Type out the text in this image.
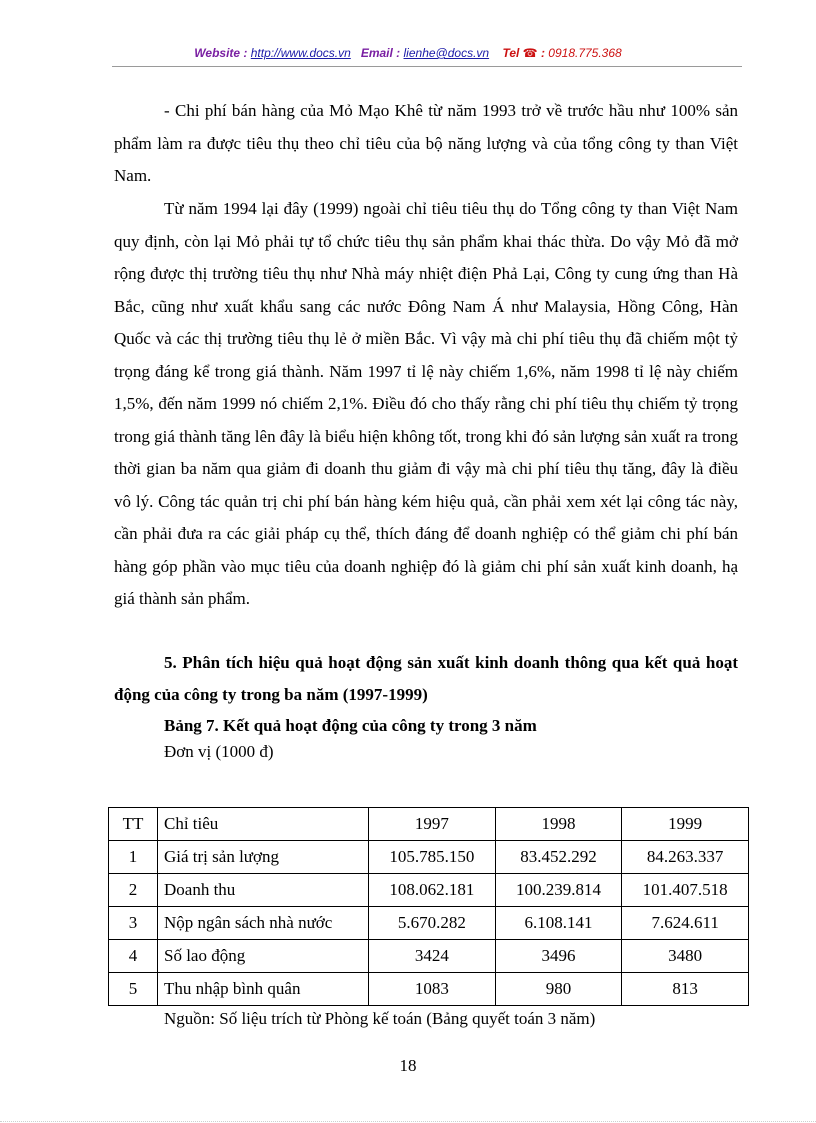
Website : http://www.docs.vn Email : lienhe@docs.vn Tel ☎ : 0918.775.368

- Chi phí bán hàng của Mỏ Mạo Khê từ năm 1993 trở về trước hầu như 100% sản phẩm làm ra được tiêu thụ theo chỉ tiêu của bộ năng lượng và của tổng công ty than Việt Nam.

Từ năm 1994 lại đây (1999) ngoài chỉ tiêu tiêu thụ do Tổng công ty than Việt Nam quy định, còn lại Mỏ phải tự tổ chức tiêu thụ sản phẩm khai thác thừa. Do vậy Mỏ đã mở rộng được thị trường tiêu thụ như Nhà máy nhiệt điện Phả Lại, Công ty cung ứng than Hà Bắc, cũng như xuất khẩu sang các nước Đông Nam Á như Malaysia, Hồng Công, Hàn Quốc và các thị trường tiêu thụ lẻ ở miền Bắc. Vì vậy mà chi phí tiêu thụ đã chiếm một tỷ trọng đáng kể trong giá thành. Năm 1997 tỉ lệ này chiếm 1,6%, năm 1998 tỉ lệ này chiếm 1,5%, đến năm 1999 nó chiếm 2,1%. Điều đó cho thấy rằng chi phí tiêu thụ chiếm tỷ trọng trong giá thành tăng lên đây là biểu hiện không tốt, trong khi đó sản lượng sản xuất ra trong thời gian ba năm qua giảm đi doanh thu giảm đi vậy mà chi phí tiêu thụ tăng, đây là điều vô lý. Công tác quản trị chi phí bán hàng kém hiệu quả, cần phải xem xét lại công tác này, cần phải đưa ra các giải pháp cụ thể, thích đáng để doanh nghiệp có thể giảm chi phí bán hàng góp phần vào mục tiêu của doanh nghiệp đó là giảm chi phí sản xuất kinh doanh, hạ giá thành sản phẩm.

5. Phân tích hiệu quả hoạt động sản xuất kinh doanh thông qua kết quả hoạt động của công ty trong ba năm (1997-1999)
Bảng 7. Kết quả hoạt động của công ty trong 3 năm
Đơn vị (1000 đ)
TT	Chỉ tiêu	1997	1998	1999
1	Giá trị sản lượng	105.785.150	83.452.292	84.263.337
2	Doanh thu	108.062.181	100.239.814	101.407.518
3	Nộp ngân sách nhà nước	5.670.282	6.108.141	7.624.611
4	Số lao động	3424	3496	3480
5	Thu nhập bình quân	1083	980	813
Nguồn: Số liệu trích từ Phòng kế toán (Bảng quyết toán 3 năm)
18
